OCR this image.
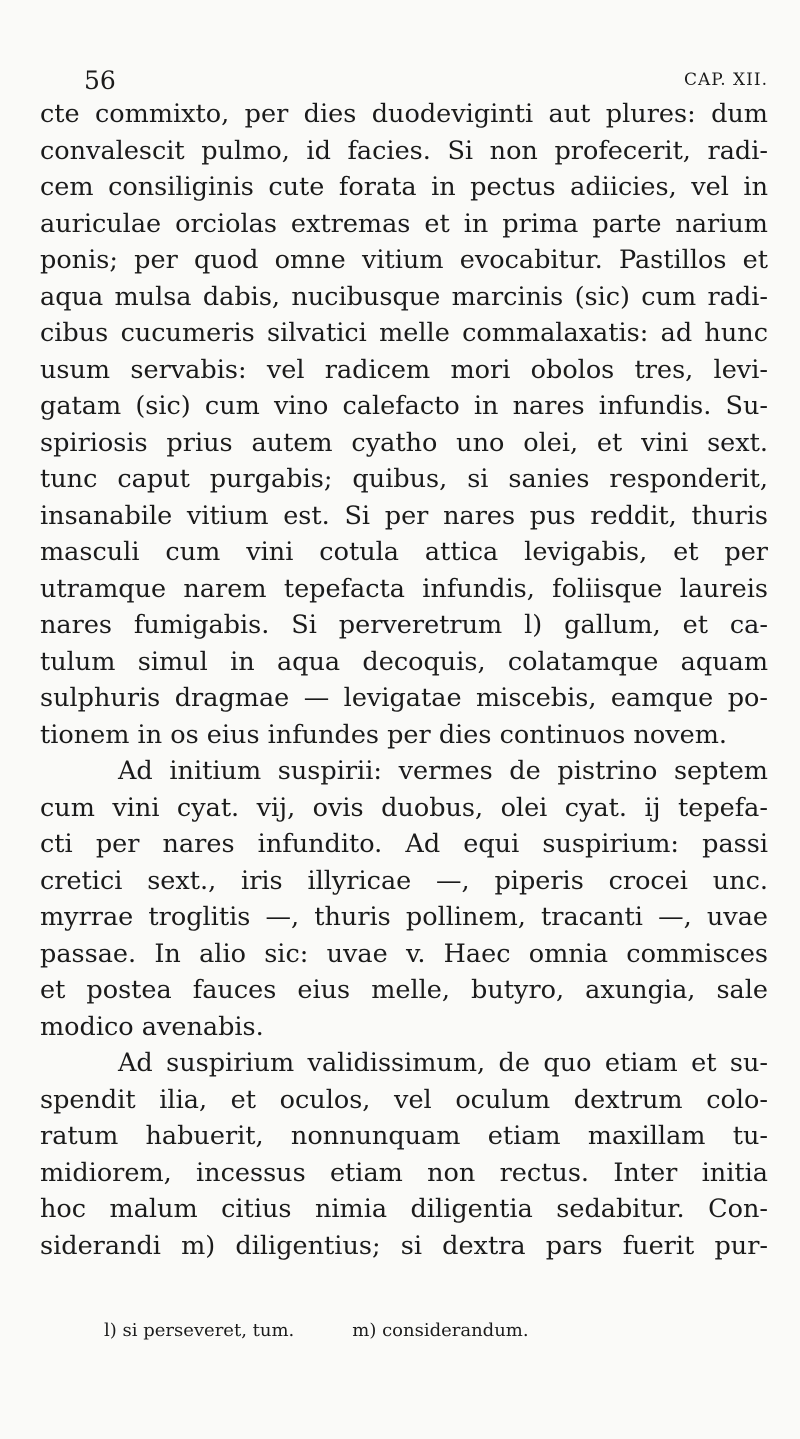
56	CAP. XII.
cte commixto, per dies duodeviginti aut plures: dum
convalescit pulmo, id facies. Si non profecerit, radi-
cem consiliginis cute forata in pectus adiicies, vel in
auriculae orciolas extremas et in prima parte narium
ponis; per quod omne vitium evocabitur. Pastillos et
aqua mulsa dabis, nucibusque marcinis (sic) cum radi-
cibus cucumeris silvatici melle commalaxatis: ad hunc
usum servabis: vel radicem mori obolos tres, levi-
gatam (sic) cum vino calefacto in nares infundis. Su-
spiriosis prius autem cyatho uno olei, et vini sext.
tunc caput purgabis; quibus, si sanies responderit,
insanabile vitium est. Si per nares pus reddit, thuris
masculi cum vini cotula attica levigabis, et per
utramque narem tepefacta infundis, foliisque laureis
nares fumigabis. Si perveretrum l) gallum, et ca-
tulum simul in aqua decoquis, colatamque aquam
sulphuris dragmae — levigatae miscebis, eamque po-
tionem in os eius infundes per dies continuos novem.
Ad initium suspirii: vermes de pistrino septem
cum vini cyat. vij, ovis duobus, olei cyat. ij tepefa-
cti per nares infundito. Ad equi suspirium: passi
cretici sext., iris illyricae —, piperis crocei unc.
myrrae troglitis —, thuris pollinem, tracanti —, uvae
passae. In alio sic: uvae v. Haec omnia commisces
et postea fauces eius melle, butyro, axungia, sale
modico avenabis.
Ad suspirium validissimum, de quo etiam et su-
spendit ilia, et oculos, vel oculum dextrum colo-
ratum habuerit, nonnunquam etiam maxillam tu-
midiorem, incessus etiam non rectus. Inter initia
hoc malum citius nimia diligentia sedabitur. Con-
siderandi m) diligentius; si dextra pars fuerit pur-
l) si perseveret, tum.	m) considerandum.
